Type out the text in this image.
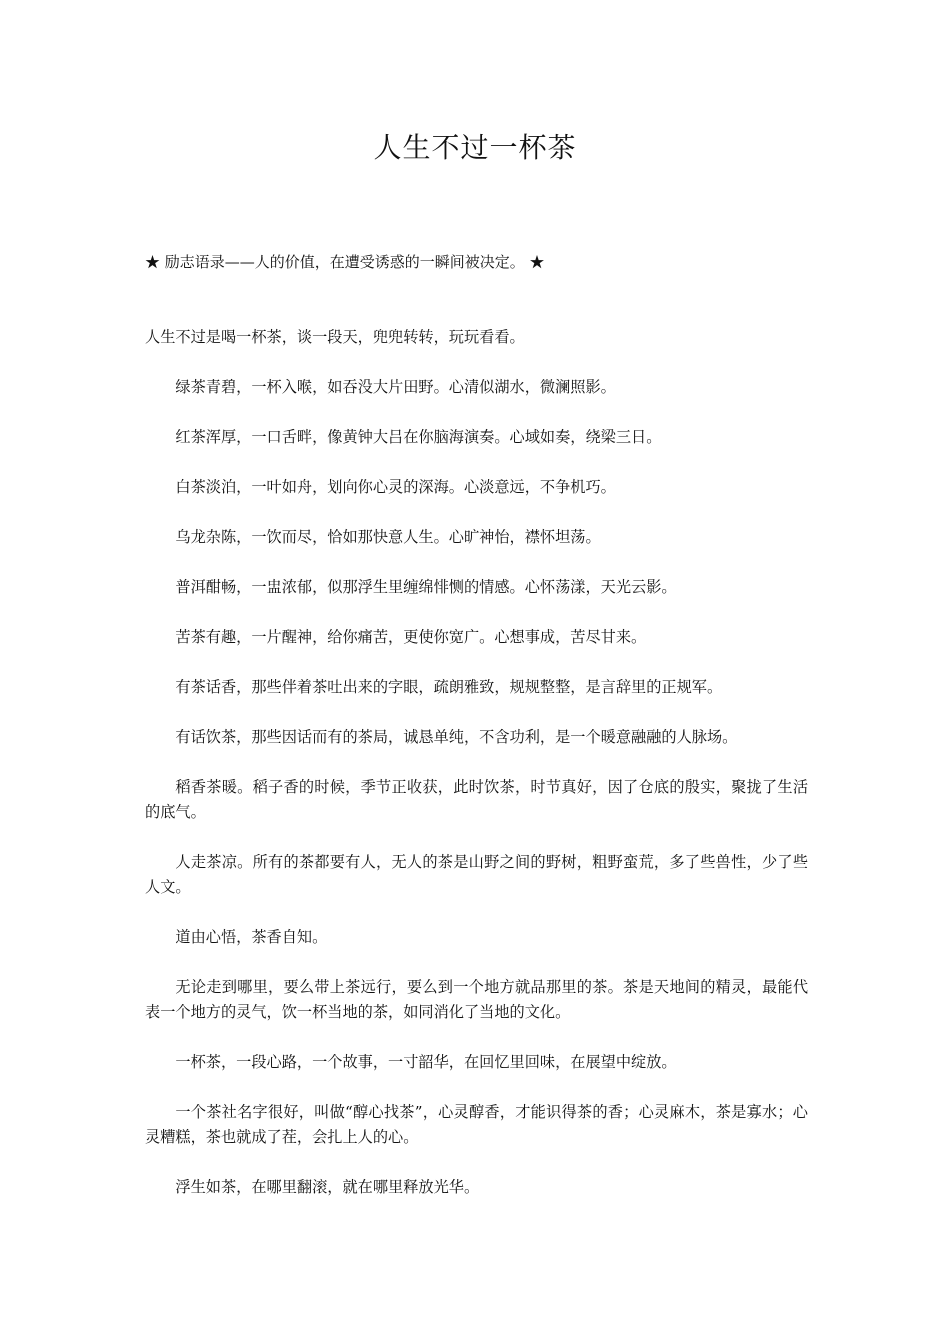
人生不过一杯茶

★ 励志语录——人的价值，在遭受诱惑的一瞬间被决定。 ★

人生不过是喝一杯茶，谈一段天，兜兜转转，玩玩看看。

绿茶青碧，一杯入喉，如吞没大片田野。心清似湖水，微澜照影。

红茶浑厚，一口舌畔，像黄钟大吕在你脑海演奏。心域如奏，绕梁三日。

白茶淡泊，一叶如舟，划向你心灵的深海。心淡意远，不争机巧。

乌龙杂陈，一饮而尽，恰如那快意人生。心旷神怡，襟怀坦荡。

普洱酣畅，一盅浓郁，似那浮生里缠绵悱恻的情感。心怀荡漾，天光云影。

苦茶有趣，一片醒神，给你痛苦，更使你宽广。心想事成，苦尽甘来。

有茶话香，那些伴着茶吐出来的字眼，疏朗雅致，规规整整，是言辞里的正规军。

有话饮茶，那些因话而有的茶局，诚恳单纯，不含功利，是一个暖意融融的人脉场。

稻香茶暖。稻子香的时候，季节正收获，此时饮茶，时节真好，因了仓底的殷实，聚拢了生活的底气。

人走茶凉。所有的茶都要有人，无人的茶是山野之间的野树，粗野蛮荒，多了些兽性，少了些人文。

道由心悟，茶香自知。

无论走到哪里，要么带上茶远行，要么到一个地方就品那里的茶。茶是天地间的精灵，最能代表一个地方的灵气，饮一杯当地的茶，如同消化了当地的文化。

一杯茶，一段心路，一个故事，一寸韶华，在回忆里回味，在展望中绽放。

一个茶社名字很好，叫做“醇心找茶”，心灵醇香，才能识得茶的香；心灵麻木，茶是寡水；心灵糟糕，茶也就成了茬，会扎上人的心。

浮生如茶，在哪里翻滚，就在哪里释放光华。
